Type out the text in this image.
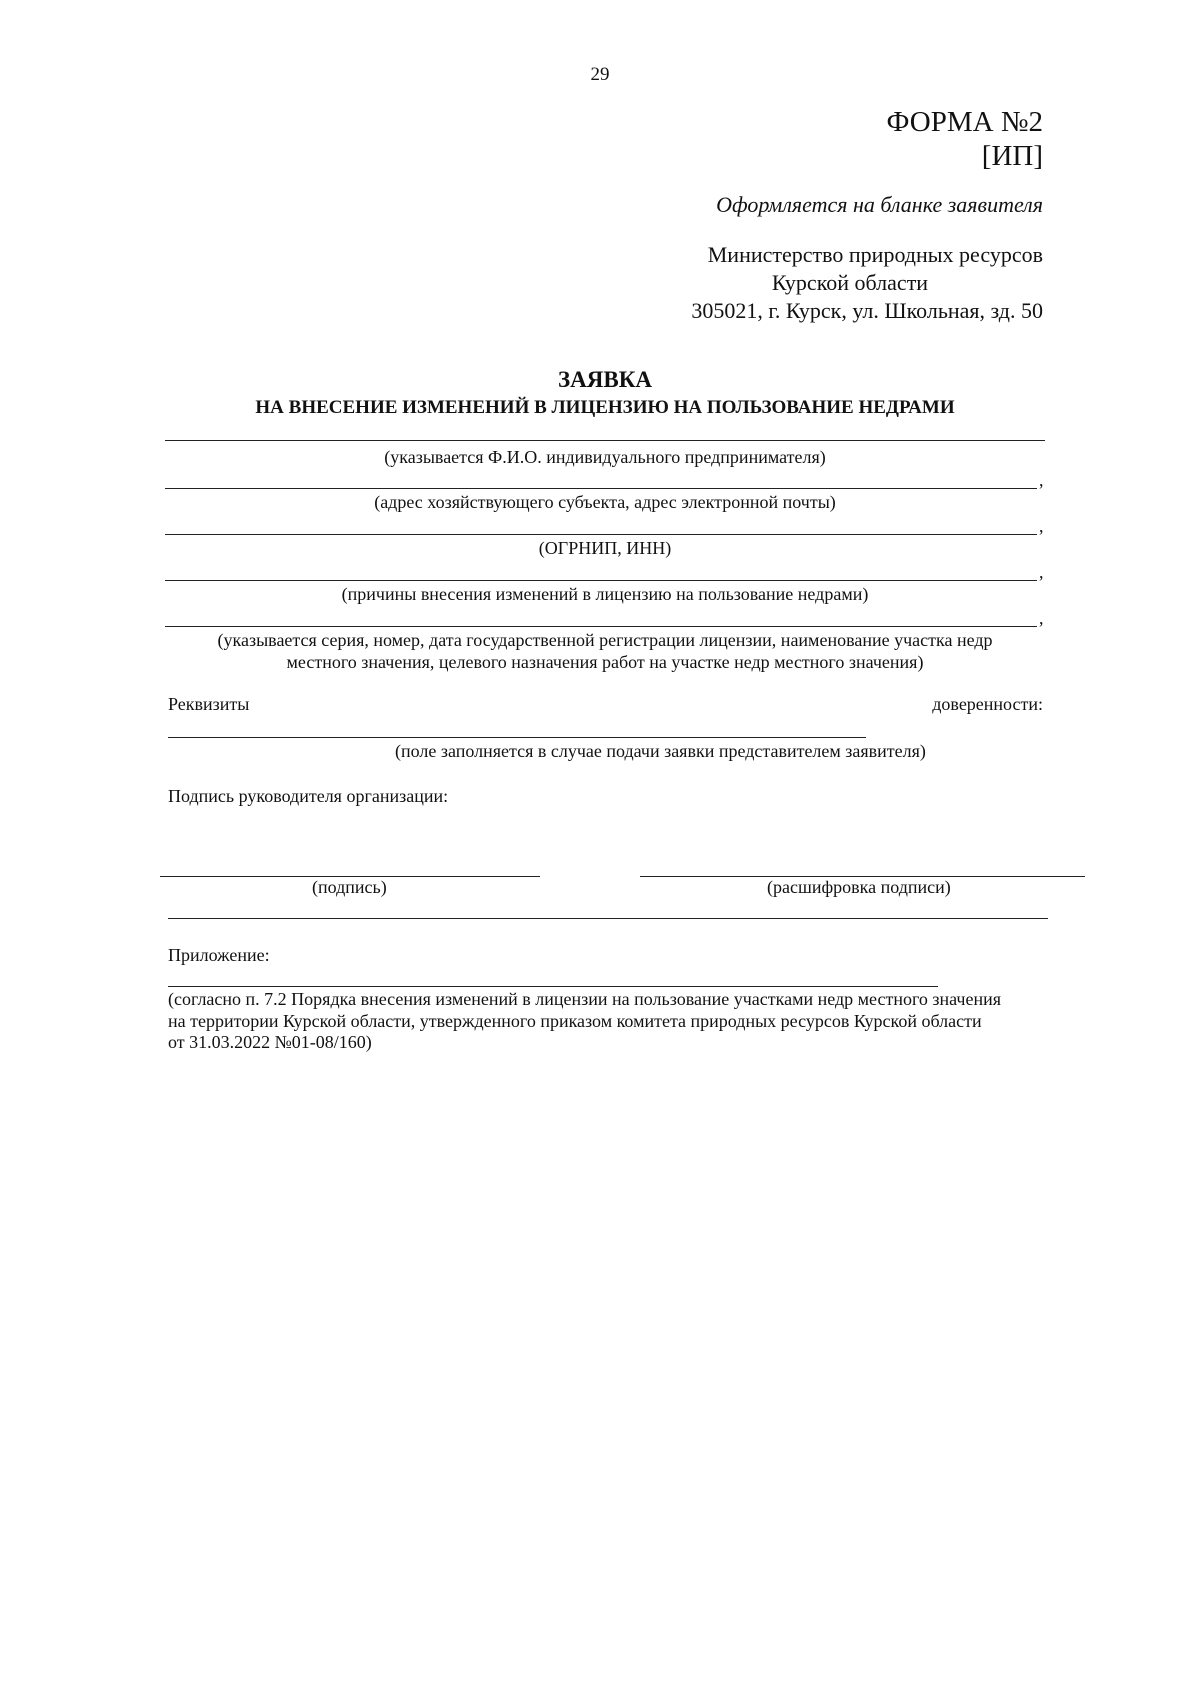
29
ФОРМА №2
[ИП]
Оформляется на бланке заявителя
Министерство природных ресурсов
Курской области
305021, г. Курск, ул. Школьная, зд. 50
ЗАЯВКА
НА ВНЕСЕНИЕ ИЗМЕНЕНИЙ В ЛИЦЕНЗИЮ НА ПОЛЬЗОВАНИЕ НЕДРАМИ
(указывается Ф.И.О. индивидуального предпринимателя)
,
(адрес хозяйствующего субъекта, адрес электронной почты)
,
(ОГРНИП, ИНН)
,
(причины внесения изменений в лицензию на пользование недрами)
,
(указывается серия, номер, дата государственной регистрации лицензии, наименование участка недр
местного значения, целевого назначения работ на участке недр местного значения)
Реквизиты	доверенности:
(поле заполняется в случае подачи заявки представителем заявителя)
Подпись руководителя организации:
(подпись)	(расшифровка подписи)
Приложение:
(согласно п. 7.2 Порядка внесения изменений в лицензии на пользование участками недр местного значения
на территории Курской области, утвержденного приказом комитета природных ресурсов Курской области
от 31.03.2022 №01-08/160)
